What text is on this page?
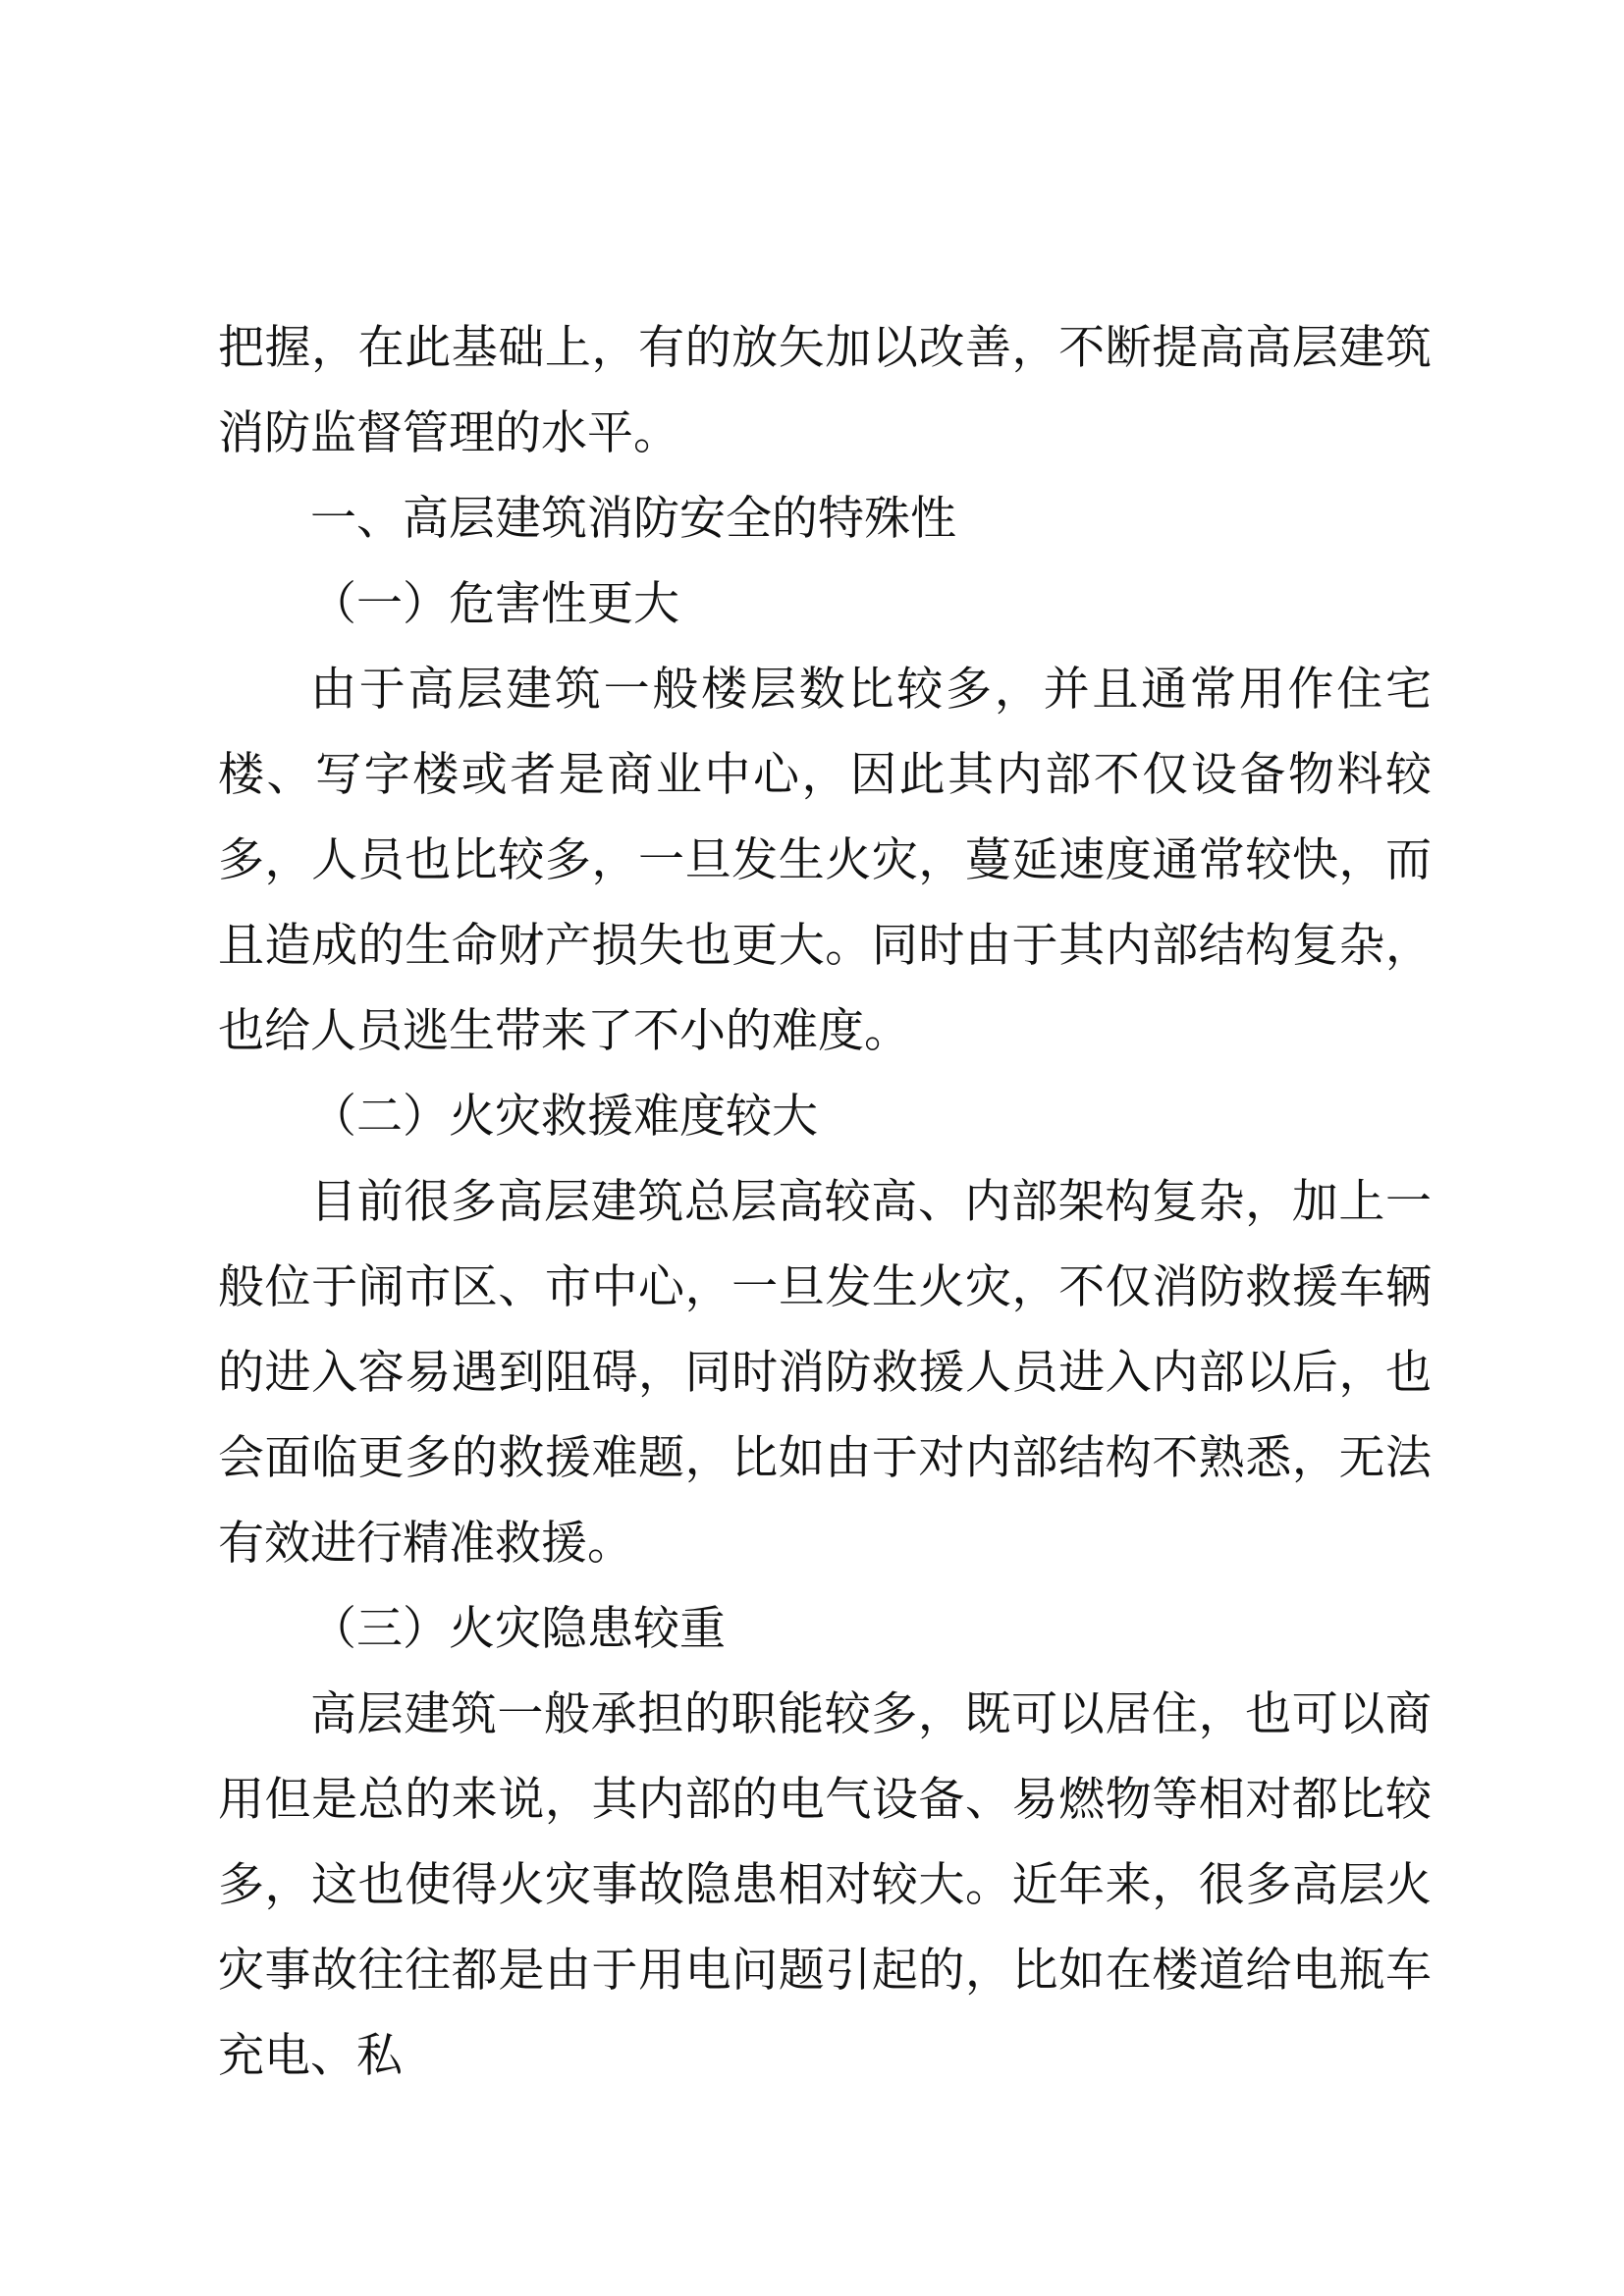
把握，在此基础上，有的放矢加以改善，不断提高高层建筑消防监督管理的水平。

一、高层建筑消防安全的特殊性

（一）危害性更大

由于高层建筑一般楼层数比较多，并且通常用作住宅楼、写字楼或者是商业中心，因此其内部不仅设备物料较多，人员也比较多，一旦发生火灾，蔓延速度通常较快，而且造成的生命财产损失也更大。同时由于其内部结构复杂，也给人员逃生带来了不小的难度。

（二）火灾救援难度较大

目前很多高层建筑总层高较高、内部架构复杂，加上一般位于闹市区、市中心，一旦发生火灾，不仅消防救援车辆的进入容易遇到阻碍，同时消防救援人员进入内部以后，也会面临更多的救援难题，比如由于对内部结构不熟悉，无法有效进行精准救援。

（三）火灾隐患较重

高层建筑一般承担的职能较多，既可以居住，也可以商用但是总的来说，其内部的电气设备、易燃物等相对都比较多，这也使得火灾事故隐患相对较大。近年来，很多高层火灾事故往往都是由于用电问题引起的，比如在楼道给电瓶车充电、私
